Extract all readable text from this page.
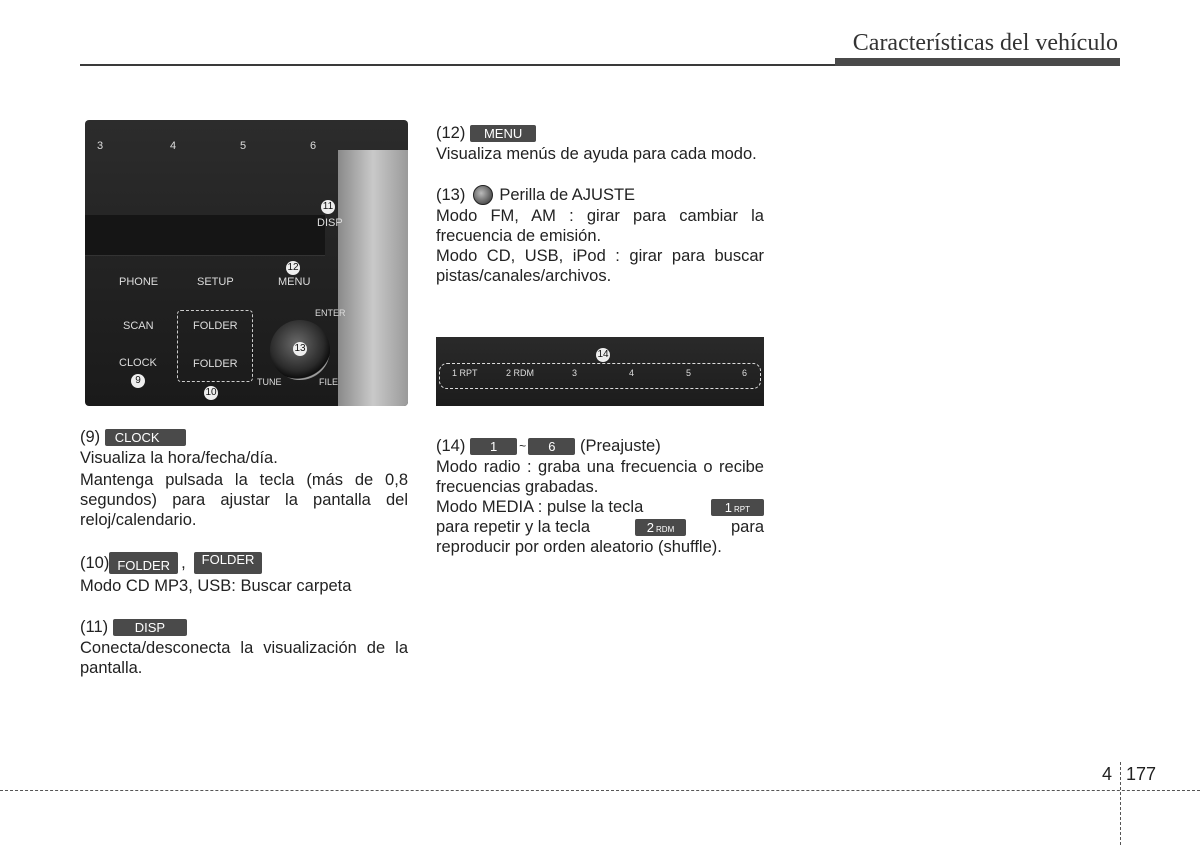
Características del vehículo
3	4	5	6
DISP
11
PHONE	SETUP	MENU
12
SCAN
CLOCK
9
FOLDER
FOLDER
10
13
ENTER
TUNE	FILE
14
1 RPT	2 RDM	3	4	5	6
(9)
	CLOCK

Visualiza la hora/fecha/día.

Mantenga pulsada la tecla (más de 0,8 segundos) para ajustar la pantalla del reloj/calendario.

(10) FOLDER ,	FOLDER

Modo CD MP3, USB: Buscar carpeta

(11)
	DISP

Conecta/desconecta la visualización de la pantalla.

(12)
	MENU

Visualiza menús de ayuda para cada modo.

(13) Perilla de AJUSTE

Modo FM, AM : girar para cambiar la frecuencia de emisión.

Modo CD, USB, iPod : girar para buscar pistas/canales/archivos.

(14)
	1	~	6
	(Preajuste)

Modo radio : graba una frecuencia o recibe frecuencias grabadas.

Modo MEDIA : pulse la tecla	1 RPT
para repetir y la tecla	2 RDM	para

reproducir por orden aleatorio (shuffle).

4 177
